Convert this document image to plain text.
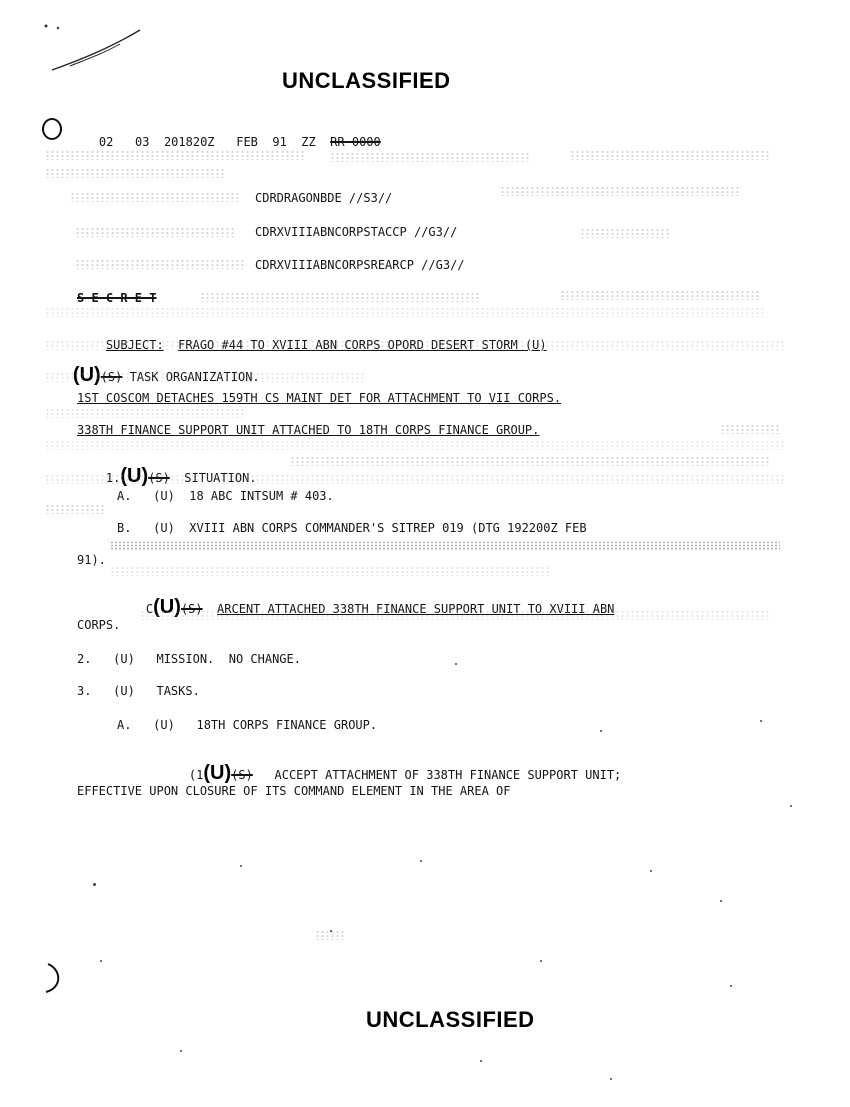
UNCLASSIFIED

02 03 201820Z FEB 91 ZZ RR 0000

CDRDRAGONBDE //S3//
CDRXVIIIABNCORPSTACCP //G3//
CDRXVIIIABNCORPSREARCP //G3//
S E C R E T

SUBJECT: FRAGO #44 TO XVIII ABN CORPS OPORD DESERT STORM (U)

(U)(S) TASK ORGANIZATION.

1ST COSCOM DETACHES 159TH CS MAINT DET FOR ATTACHMENT TO VII CORPS.
338TH FINANCE SUPPORT UNIT ATTACHED TO 18TH CORPS FINANCE GROUP.

1.(U)(S) SITUATION.

A.   (U)  18 ABC INTSUM # 403.
B.   (U)  XVIII ABN CORPS COMMANDER'S SITREP 019 (DTG 192200Z FEB
91).

C(U)(S) ARCENT ATTACHED 338TH FINANCE SUPPORT UNIT TO XVIII ABN

CORPS.
2.   (U)   MISSION.  NO CHANGE.
3.   (U)   TASKS.
A.   (U)   18TH CORPS FINANCE GROUP.

(1(U)(S) ACCEPT ATTACHMENT OF 338TH FINANCE SUPPORT UNIT;

EFFECTIVE UPON CLOSURE OF ITS COMMAND ELEMENT IN THE AREA OF
UNCLASSIFIED
